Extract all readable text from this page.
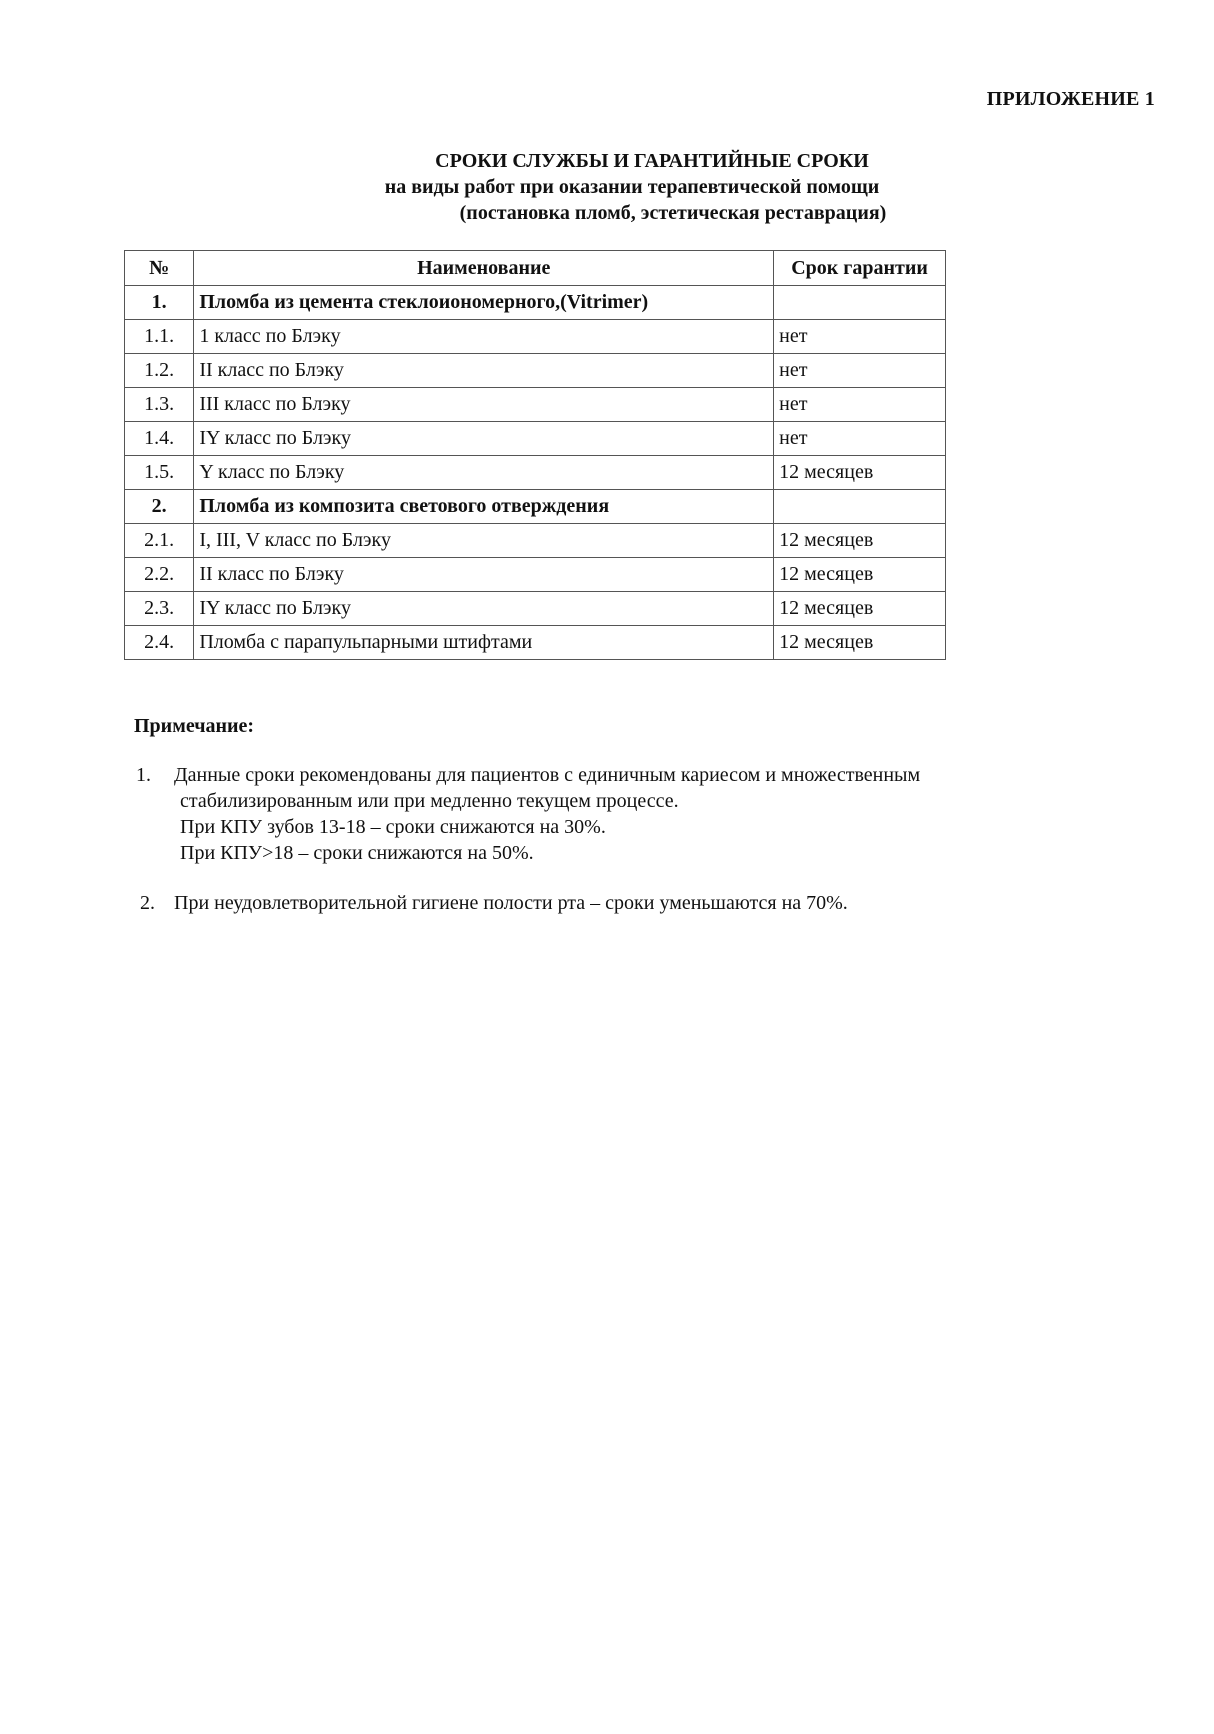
ПРИЛОЖЕНИЕ 1
СРОКИ СЛУЖБЫ И ГАРАНТИЙНЫЕ СРОКИ
на виды работ при оказании терапевтической помощи
(постановка пломб, эстетическая реставрация)
№	Наименование	Срок гарантии
1.	Пломба из цемента стеклоиономерного,(Vitrimer)	
1.1.	1 класс по Блэку	нет
1.2.	II класс по Блэку	нет
1.3.	III класс по Блэку	нет
1.4.	IY класс по Блэку	нет
1.5.	Y класс по Блэку	12 месяцев
2.	Пломба из композита светового отверждения	
2.1.	I, III, V класс по Блэку	12 месяцев
2.2.	II класс по Блэку	12 месяцев
2.3.	IY класс по Блэку	12 месяцев
2.4.	Пломба с парапульпарными штифтами	12 месяцев
Примечание:
1. Данные сроки рекомендованы для пациентов с единичным кариесом и множественным
стабилизированным или при медленно текущем процессе.
При КПУ зубов 13-18 – сроки снижаются на 30%.
При КПУ>18 – сроки снижаются на 50%.
2. При неудовлетворительной гигиене полости рта – сроки уменьшаются на 70%.
